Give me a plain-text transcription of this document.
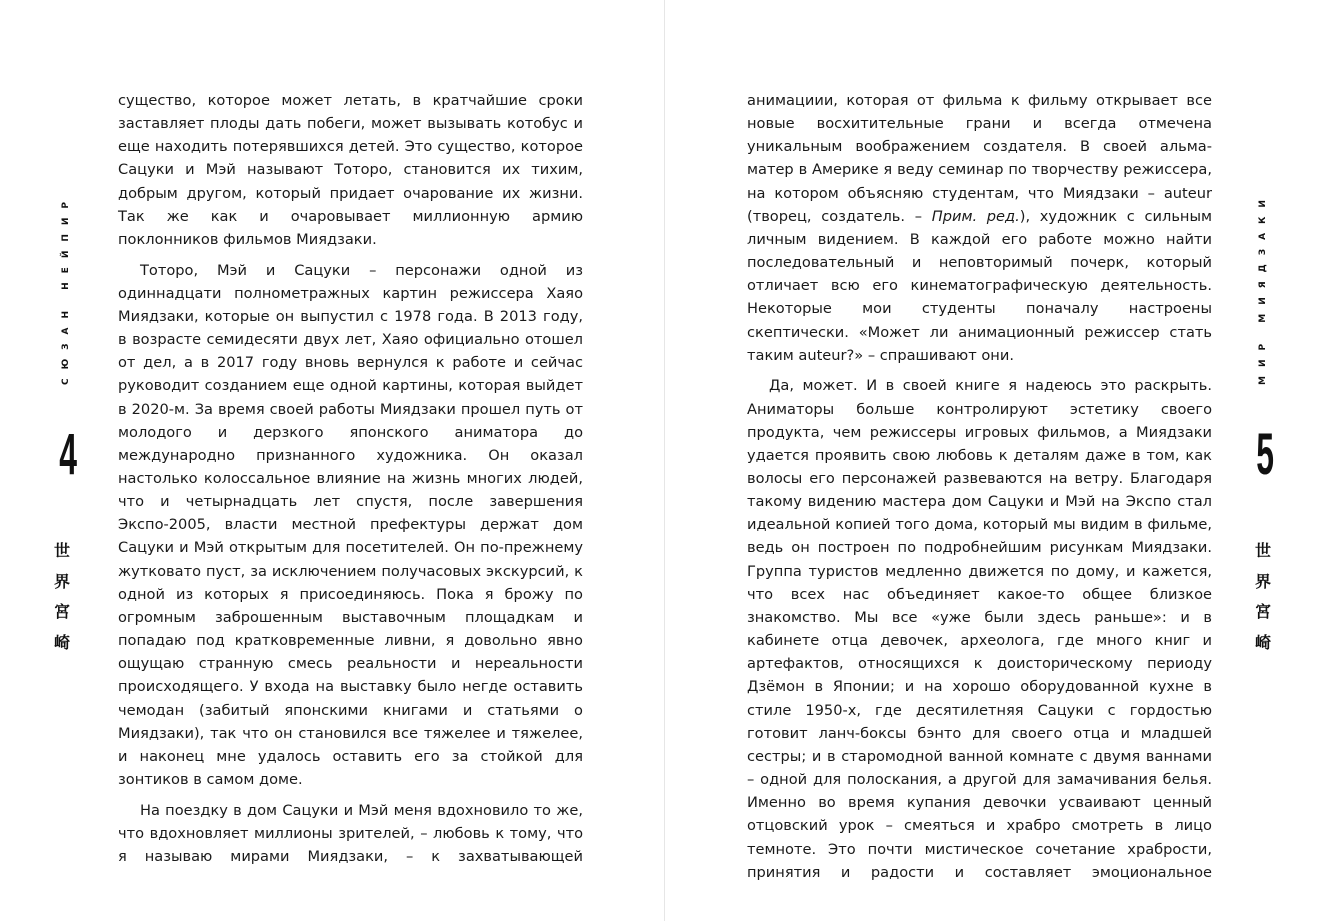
СЮЗАН НЕЙПИР
4
世
界
宮
崎

существо, которое может летать, в кратчайшие сроки заставляет плоды дать побеги, может вызывать котобус и еще находить потерявшихся детей. Это существо, которое Сацуки и Мэй называют Тоторо, становится их тихим, добрым другом, который придает очарование их жизни. Так же как и очаровывает миллионную армию поклонников фильмов Миядзаки.

Тоторо, Мэй и Сацуки – персонажи одной из одиннадцати полнометражных картин режиссера Хаяо Миядзаки, которые он выпустил с 1978 года. В 2013 году, в возрасте семидесяти двух лет, Хаяо официально отошел от дел, а в 2017 году вновь вернулся к работе и сейчас руководит созданием еще одной картины, которая выйдет в 2020-м. За время своей работы Миядзаки прошел путь от молодого и дерзкого японского аниматора до международно признанного художника. Он оказал настолько колоссальное влияние на жизнь многих людей, что и четырнадцать лет спустя, после завершения Экспо-2005, власти местной префектуры держат дом Сацуки и Мэй открытым для посетителей. Он по-прежнему жутковато пуст, за исключением получасовых экскурсий, к одной из которых я присоединяюсь. Пока я брожу по огромным заброшенным выставочным площадкам и попадаю под кратковременные ливни, я довольно явно ощущаю странную смесь реальности и нереальности происходящего. У входа на выставку было негде оставить чемодан (забитый японскими книгами и статьями о Миядзаки), так что он становился все тяжелее и тяжелее, и наконец мне удалось оставить его за стойкой для зонтиков в самом доме.

На поездку в дом Сацуки и Мэй меня вдохновило то же, что вдохновляет миллионы зрителей, – любовь к тому, что я называю мирами Миядзаки, – к захватывающей

МИР МИЯДЗАКИ
5
世
界
宮
崎

анимациии, которая от фильма к фильму открывает все новые восхитительные грани и всегда отмечена уникальным воображением создателя. В своей альма-матер в Америке я веду семинар по творчеству режиссера, на котором объясняю студентам, что Миядзаки – auteur (творец, создатель. – Прим. ред.), художник с сильным личным видением. В каждой его работе можно найти последовательный и неповторимый почерк, который отличает всю его кинематографическую деятельность. Некоторые мои студенты поначалу настроены скептически. «Может ли анимационный режиссер стать таким auteur?» – спрашивают они.

Да, может. И в своей книге я надеюсь это раскрыть. Аниматоры больше контролируют эстетику своего продукта, чем режиссеры игровых фильмов, а Миядзаки удается проявить свою любовь к деталям даже в том, как волосы его персонажей развеваются на ветру. Благодаря такому видению мастера дом Сацуки и Мэй на Экспо стал идеальной копией того дома, который мы видим в фильме, ведь он построен по подробнейшим рисункам Миядзаки. Группа туристов медленно движется по дому, и кажется, что всех нас объединяет какое-то общее близкое знакомство. Мы все «уже были здесь раньше»: и в кабинете отца девочек, археолога, где много книг и артефактов, относящихся к доисторическому периоду Дзёмон в Японии; и на хорошо оборудованной кухне в стиле 1950-х, где десятилетняя Сацуки с гордостью готовит ланч-боксы бэнто для своего отца и младшей сестры; и в старомодной ванной комнате с двумя ваннами – одной для полоскания, а другой для замачивания белья. Именно во время купания девочки усваивают ценный отцовский урок – смеяться и храбро смотреть в лицо темноте. Это почти мистическое сочетание храбрости, принятия и радости и составляет эмоциональное
